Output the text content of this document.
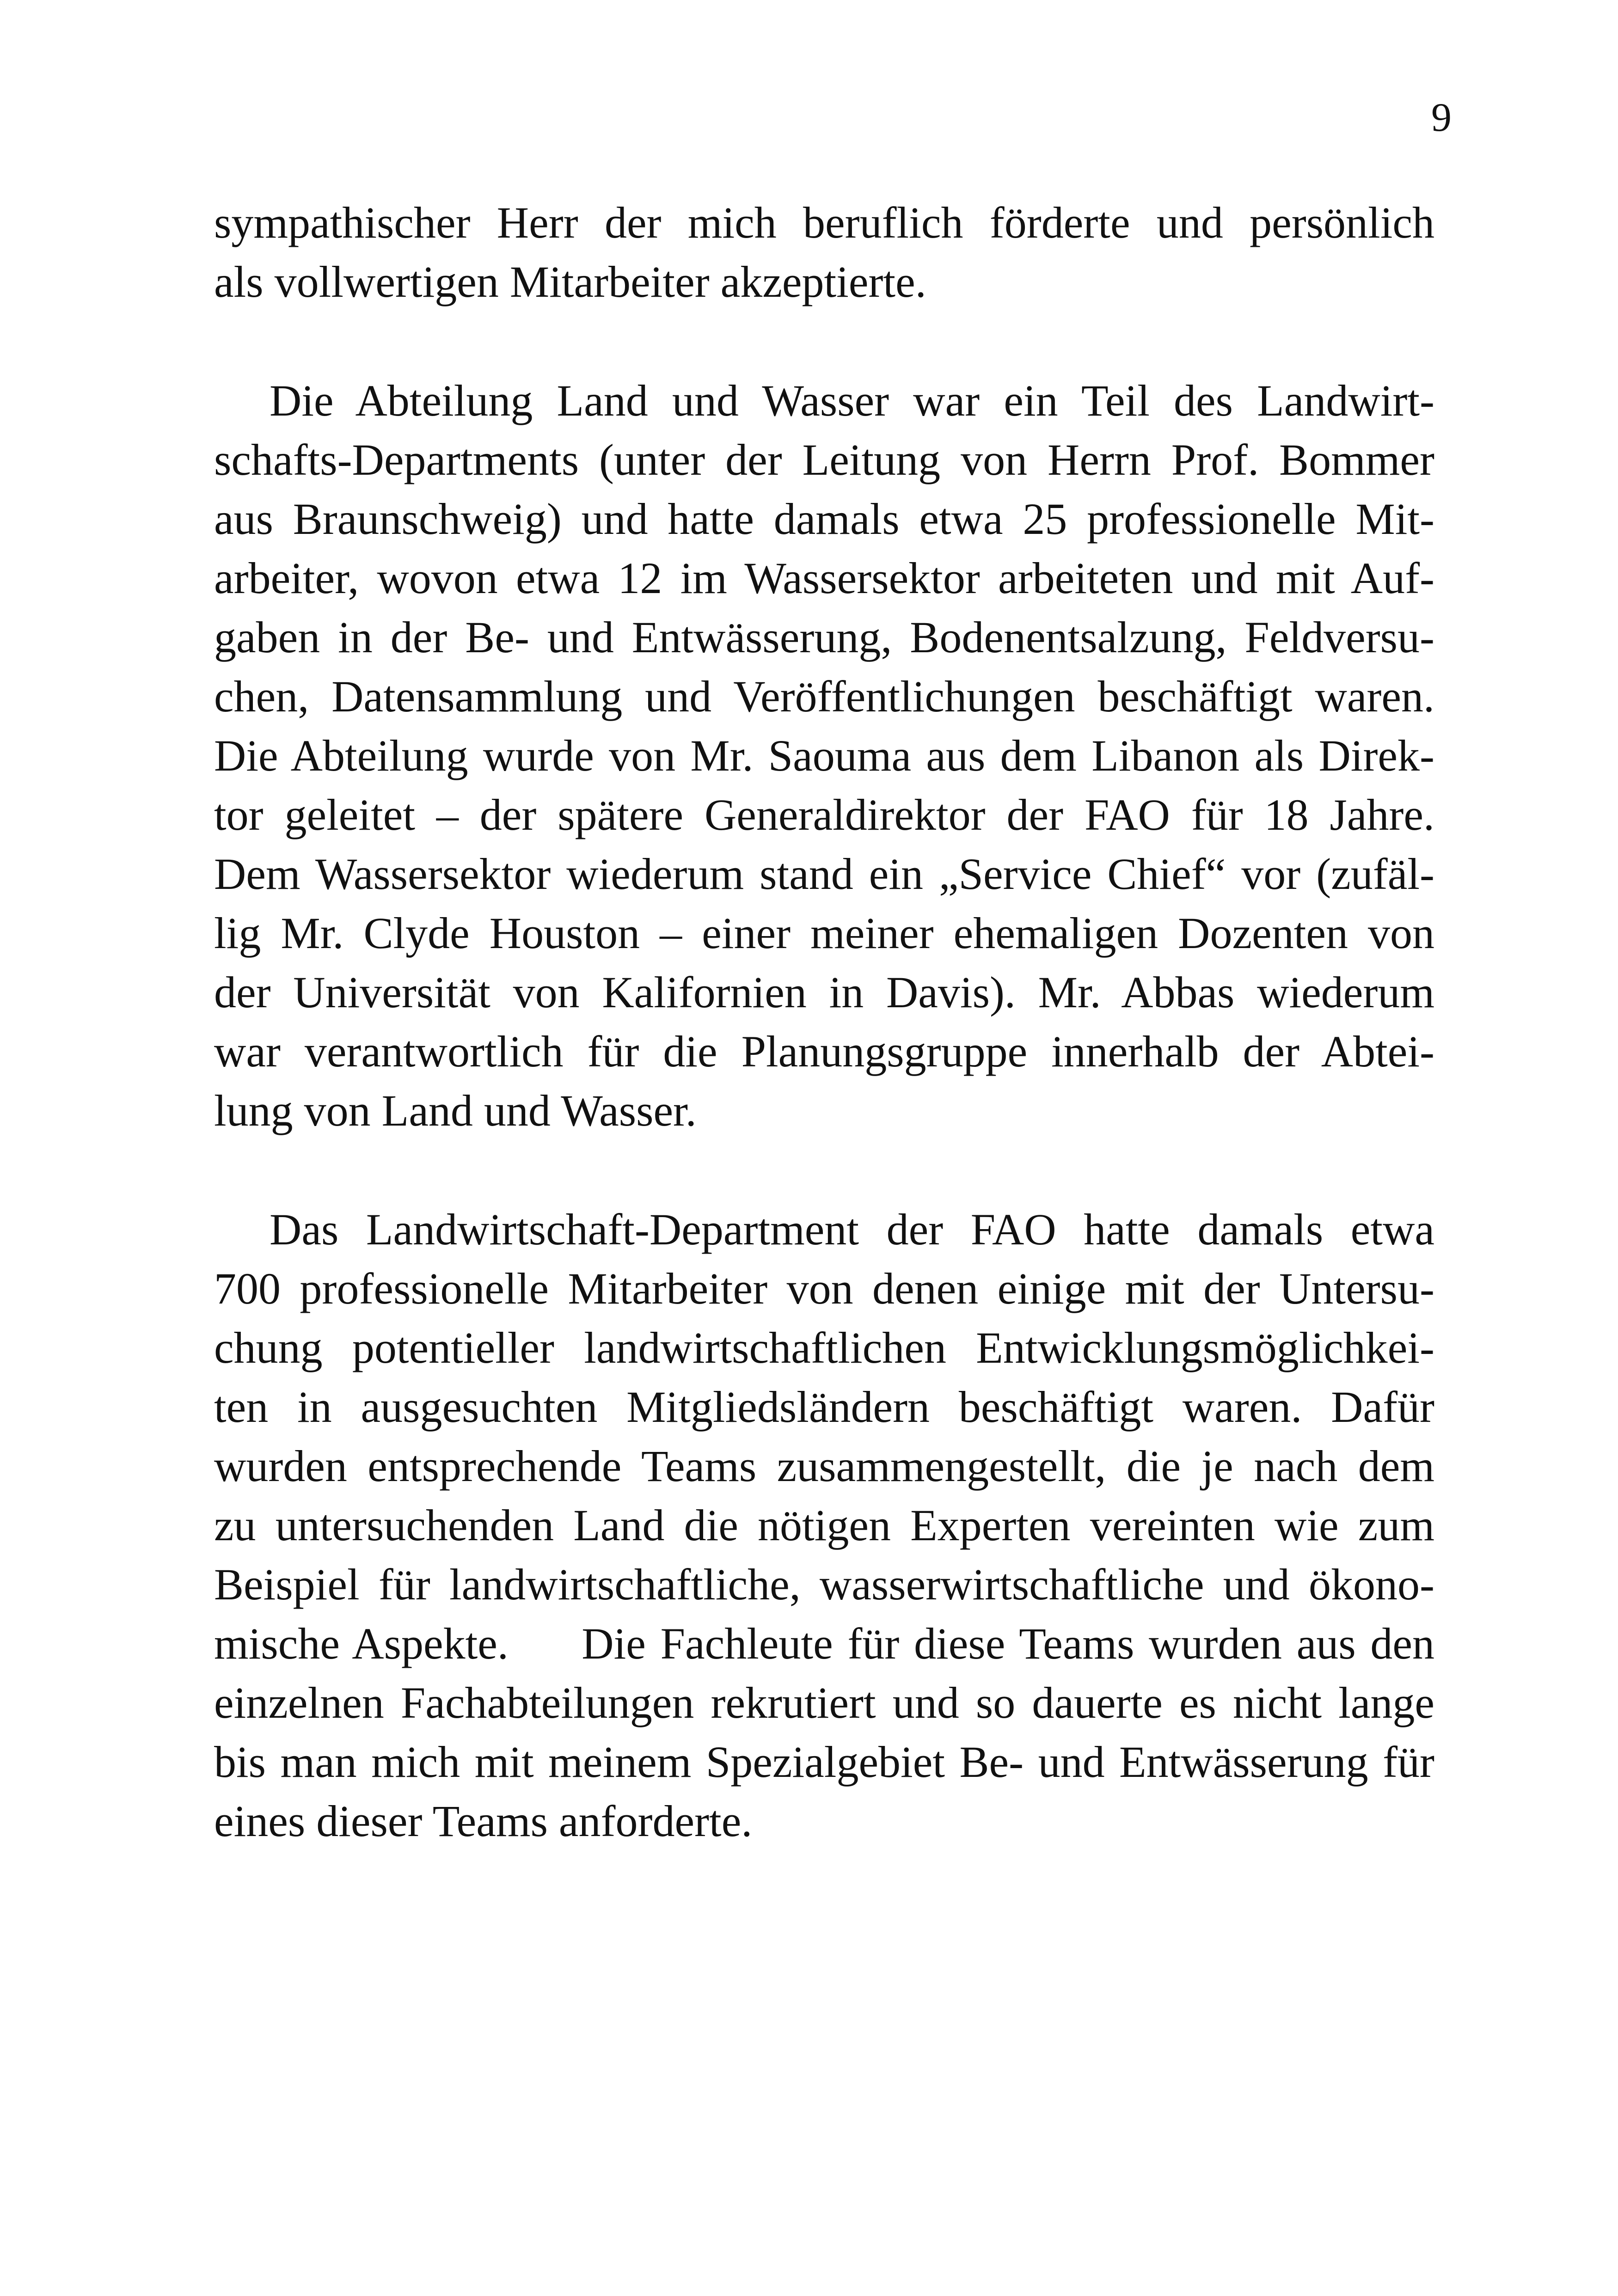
9
sympathischer Herr der mich beruflich förderte und persönlich
als vollwertigen Mitarbeiter akzeptierte.
Die Abteilung Land und Wasser war ein Teil des Landwirt-
schafts-Departments (unter der Leitung von Herrn Prof. Bommer
aus Braunschweig) und hatte damals etwa 25 professionelle Mit-
arbeiter, wovon etwa 12 im Wassersektor arbeiteten und mit Auf-
gaben in der Be- und Entwässerung, Bodenentsalzung, Feldversu-
chen, Datensammlung und Veröffentlichungen beschäftigt waren.
Die Abteilung wurde von Mr. Saouma aus dem Libanon als Direk-
tor geleitet – der spätere Generaldirektor der FAO für 18 Jahre.
Dem Wassersektor wiederum stand ein „Service Chief“ vor (zufäl-
lig Mr. Clyde Houston – einer meiner ehemaligen Dozenten von
der Universität von Kalifornien in Davis). Mr. Abbas wiederum
war verantwortlich für die Planungsgruppe innerhalb der Abtei-
lung von Land und Wasser.
Das Landwirtschaft-Department der FAO hatte damals etwa
700 professionelle Mitarbeiter von denen einige mit der Untersu-
chung potentieller landwirtschaftlichen Entwicklungsmöglichkei-
ten in ausgesuchten Mitgliedsländern beschäftigt waren. Dafür
wurden entsprechende Teams zusammengestellt, die je nach dem
zu untersuchenden Land die nötigen Experten vereinten wie zum
Beispiel für landwirtschaftliche, wasserwirtschaftliche und ökono-
mische Aspekte.     Die Fachleute für diese Teams wurden aus den
einzelnen Fachabteilungen rekrutiert und so dauerte es nicht lange
bis man mich mit meinem Spezialgebiet Be- und Entwässerung für
eines dieser Teams anforderte.
